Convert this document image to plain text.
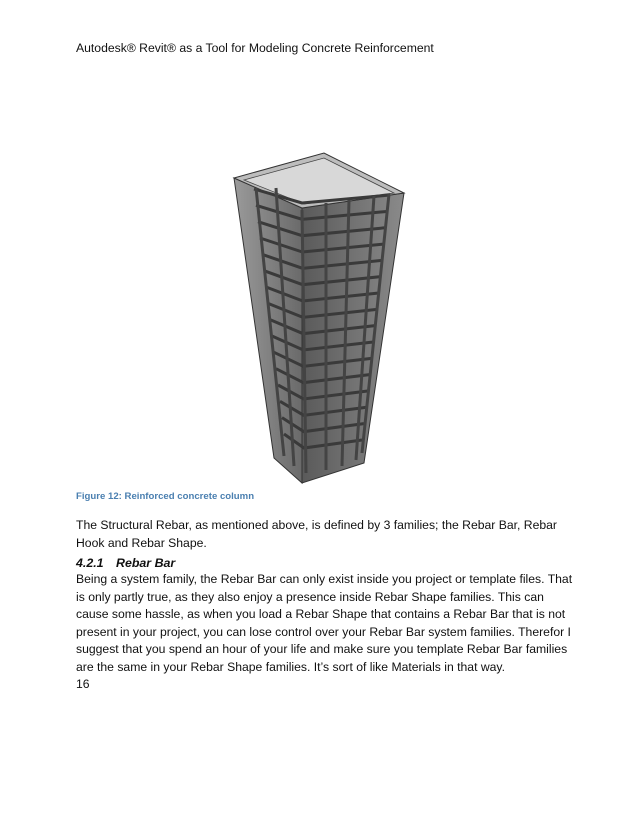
Autodesk® Revit® as a Tool for Modeling Concrete Reinforcement
Figure 12: Reinforced concrete column
The Structural Rebar, as mentioned above, is defined by 3 families; the Rebar Bar, Rebar Hook and Rebar Shape.
4.2.1 Rebar Bar
Being a system family, the Rebar Bar can only exist inside you project or template files. That is only partly true, as they also enjoy a presence inside Rebar Shape families. This can cause some hassle, as when you load a Rebar Shape that contains a Rebar Bar that is not present in your project, you can lose control over your Rebar Bar system families. Therefor I suggest that you spend an hour of your life and make sure you template Rebar Bar families are the same in your Rebar Shape families. It’s sort of like Materials in that way.
16
